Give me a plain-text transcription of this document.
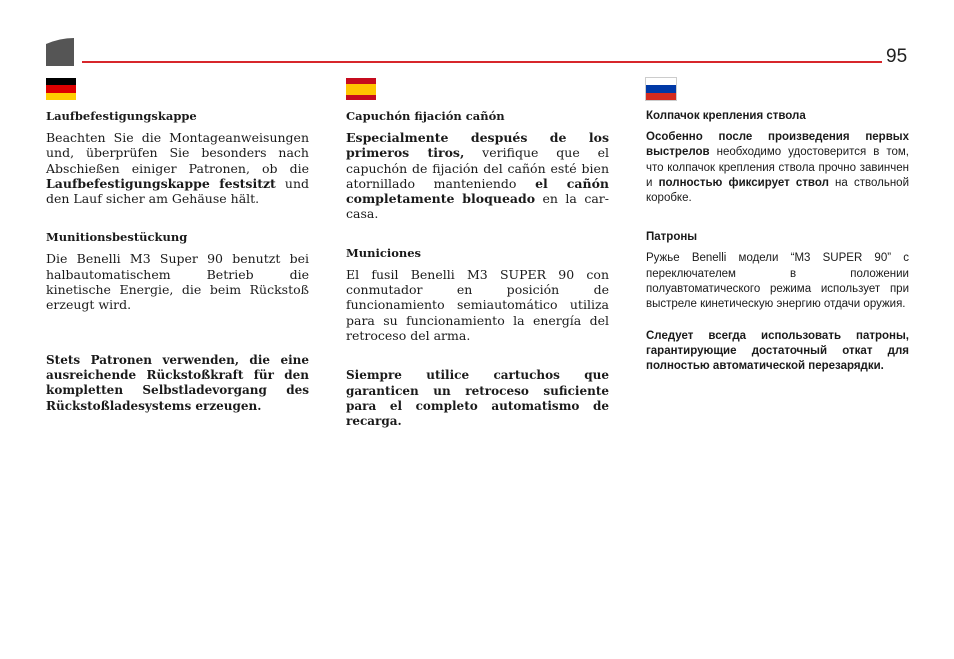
95

Laufbefestigungskappe

Beachten Sie die Montageanweisungen und, überprüfen Sie besonders nach Abschießen einiger Patronen, ob die Laufbefestigungskappe festsitzt und den Lauf sicher am Gehäuse hält.

Munitionsbestückung

Die Benelli M3 Super 90 benutzt bei halbautomatischem Betrieb die kinetische Energie, die beim Rückstoß erzeugt wird.

Stets Patronen verwenden, die eine ausreichende Rückstoßkraft für den kompletten Selbstladevorgang des Rückstoßladesystems erzeugen.

Capuchón fijación cañón

Especialmente después de los primeros tiros, verifique que el capuchón de fijación del cañón esté bien atornillado manteniendo el cañón completamente bloqueado en la carcasa.

Municiones

El fusil Benelli M3 SUPER 90 con conmutador en posición de funcionamiento semiautomático utiliza para su funcionamiento la energía del retroceso del arma.

Siempre utilice cartuchos que garanticen un retroceso suficiente para el completo automatismo de recarga.

Колпачок крепления ствола

Особенно после произведения первых выстрелов необходимо удостоверится в том, что колпачок крепления ствола прочно завинчен и полностью фиксирует ствол на ствольной коробке.

Патроны

Ружье Benelli модели “M3 SUPER 90” с переключателем в положении полуавтоматического режима использует при выстреле кинетическую энергию отдачи оружия.

Следует всегда использовать патроны, гарантирующие достаточный откат для полностью автоматической перезарядки.
